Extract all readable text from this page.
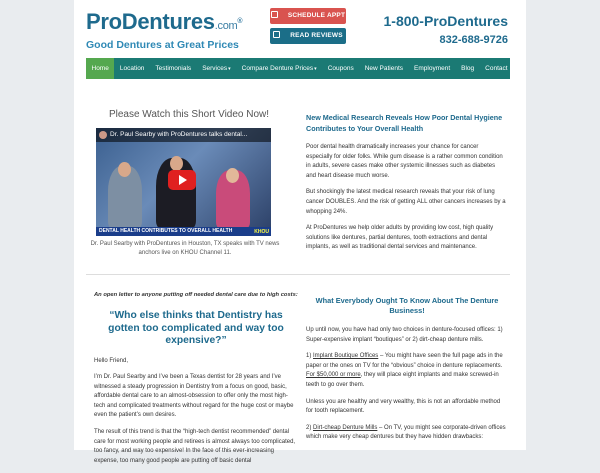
ProDentures.com®
Good Dentures at Great Prices
SCHEDULE APPT
READ REVIEWS
1-800-ProDentures
832-688-9726
Home	Location	Testimonials	Services▾	Compare Denture Prices▾	Coupons	New Patients	Employment	Blog	Contact
Please Watch this Short Video Now!
Dr. Paul Searby with ProDentures talks dental...
DENTAL HEALTH CONTRIBUTES TO OVERALL HEALTH	KHOU
Dr. Paul Searby with ProDentures in Houston, TX speaks with TV news anchors live on KHOU Channel 11.
New Medical Research Reveals How Poor Dental Hygiene Contributes to Your Overall Health

Poor dental health dramatically increases your chance for cancer especially for older folks. While gum disease is a rather common condition in adults, severe cases make other systemic illnesses such as diabetes and heart disease much worse.

But shockingly the latest medical research reveals that your risk of lung cancer DOUBLES. And the risk of getting ALL other cancers increases by a whopping 24%.

At ProDentures we help older adults by providing low cost, high quality solutions like dentures, partial dentures, tooth extractions and dental implants, as well as traditional dental services and maintenance.

An open letter to anyone putting off needed dental care due to high costs:
“Who else thinks that Dentistry has gotten too complicated and way too expensive?”

Hello Friend,

I’m Dr. Paul Searby and I’ve been a Texas dentist for 28 years and I’ve witnessed a steady progression in Dentistry from a focus on good, basic, affordable dental care to an almost-obsession to offer only the most high-tech and complicated treatments without regard for the huge cost or maybe even the patient’s own desires.

The result of this trend is that the “high-tech dentist recommended” dental care for most working people and retirees is almost always too complicated, too fancy, and way too expensive! In the face of this ever-increasing expense, too many good people are putting off basic dental

What Everybody Ought To Know About The Denture Business!

Up until now, you have had only two choices in denture-focused offices: 1) Super-expensive implant “boutiques” or 2) dirt-cheap denture mills.

1) Implant Boutique Offices – You might have seen the full page ads in the paper or the ones on TV for the “obvious” choice in denture replacements. For $50,000 or more, they will place eight implants and make screwed-in teeth to go over them.

Unless you are healthy and very wealthy, this is not an affordable method for tooth replacement.

2) Dirt-cheap Denture Mills – On TV, you might see corporate-driven offices which make very cheap dentures but they have hidden drawbacks:
